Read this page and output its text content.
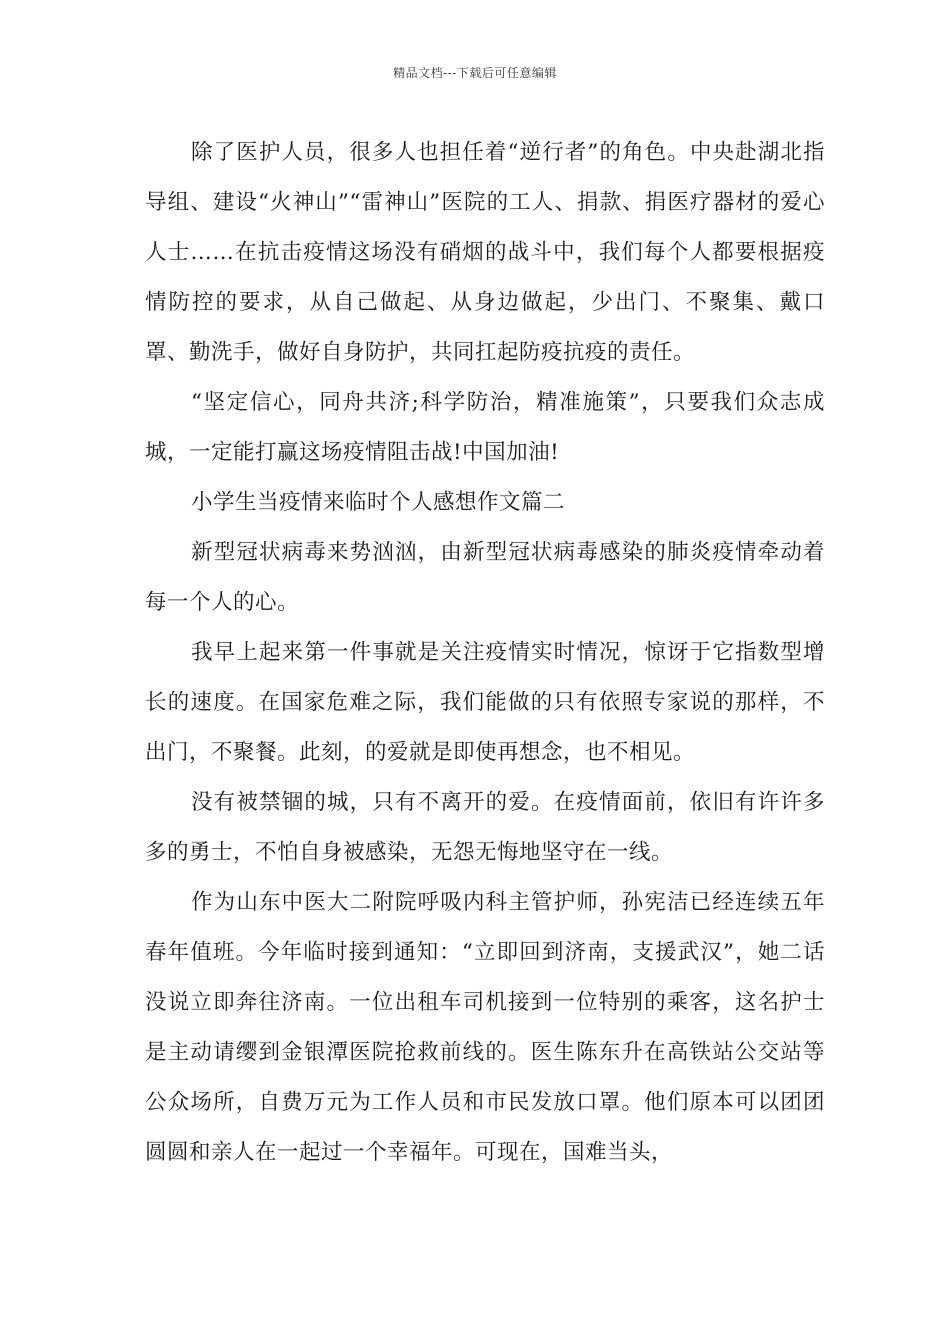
精品文档---下载后可任意编辑

除了医护人员，很多人也担任着“逆行者”的角色。中央赴湖北指导组、建设“火神山”“雷神山”医院的工人、捐款、捐医疗器材的爱心人士……在抗击疫情这场没有硝烟的战斗中，我们每个人都要根据疫情防控的要求，从自己做起、从身边做起，少出门、不聚集、戴口罩、勤洗手，做好自身防护，共同扛起防疫抗疫的责任。

“坚定信心，同舟共济;科学防治，精准施策”，只要我们众志成城，一定能打赢这场疫情阻击战!中国加油!

小学生当疫情来临时个人感想作文篇二

新型冠状病毒来势汹汹，由新型冠状病毒感染的肺炎疫情牵动着每一个人的心。

我早上起来第一件事就是关注疫情实时情况，惊讶于它指数型增长的速度。在国家危难之际，我们能做的只有依照专家说的那样，不出门，不聚餐。此刻，的爱就是即使再想念，也不相见。

没有被禁锢的城，只有不离开的爱。在疫情面前，依旧有许许多多的勇士，不怕自身被感染，无怨无悔地坚守在一线。

作为山东中医大二附院呼吸内科主管护师，孙宪洁已经连续五年春年值班。今年临时接到通知：“立即回到济南，支援武汉”，她二话没说立即奔往济南。一位出租车司机接到一位特别的乘客，这名护士是主动请缨到金银潭医院抢救前线的。医生陈东升在高铁站公交站等公众场所，自费万元为工作人员和市民发放口罩。他们原本可以团团圆圆和亲人在一起过一个幸福年。可现在，国难当头，
